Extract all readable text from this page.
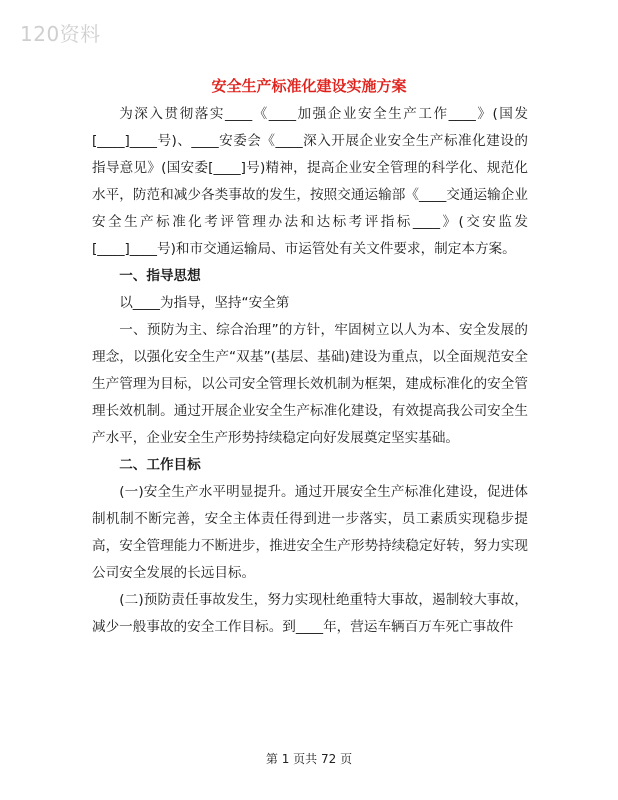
120资料
安全生产标准化建设实施方案

为深入贯彻落实____《____加强企业安全生产工作____》(国发[____]____号)、____安委会《____深入开展企业安全生产标准化建设的指导意见》(国安委[____]号)精神，提高企业安全管理的科学化、规范化水平，防范和减少各类事故的发生，按照交通运输部《____交通运输企业安全生产标准化考评管理办法和达标考评指标____》(交安监发[____]____号)和市交通运输局、市运管处有关文件要求，制定本方案。

一、指导思想

以____为指导，坚持“安全第

一、预防为主、综合治理”的方针，牢固树立以人为本、安全发展的理念，以强化安全生产“双基”(基层、基础)建设为重点，以全面规范安全生产管理为目标，以公司安全管理长效机制为框架，建成标准化的安全管理长效机制。通过开展企业安全生产标准化建设，有效提高我公司安全生产水平，企业安全生产形势持续稳定向好发展奠定坚实基础。

二、工作目标

(一)安全生产水平明显提升。通过开展安全生产标准化建设，促进体制机制不断完善，安全主体责任得到进一步落实，员工素质实现稳步提高，安全管理能力不断进步，推进安全生产形势持续稳定好转，努力实现公司安全发展的长远目标。

(二)预防责任事故发生，努力实现杜绝重特大事故，遏制较大事故，减少一般事故的安全工作目标。到____年，营运车辆百万车死亡事故件

第 1 页共 72 页
